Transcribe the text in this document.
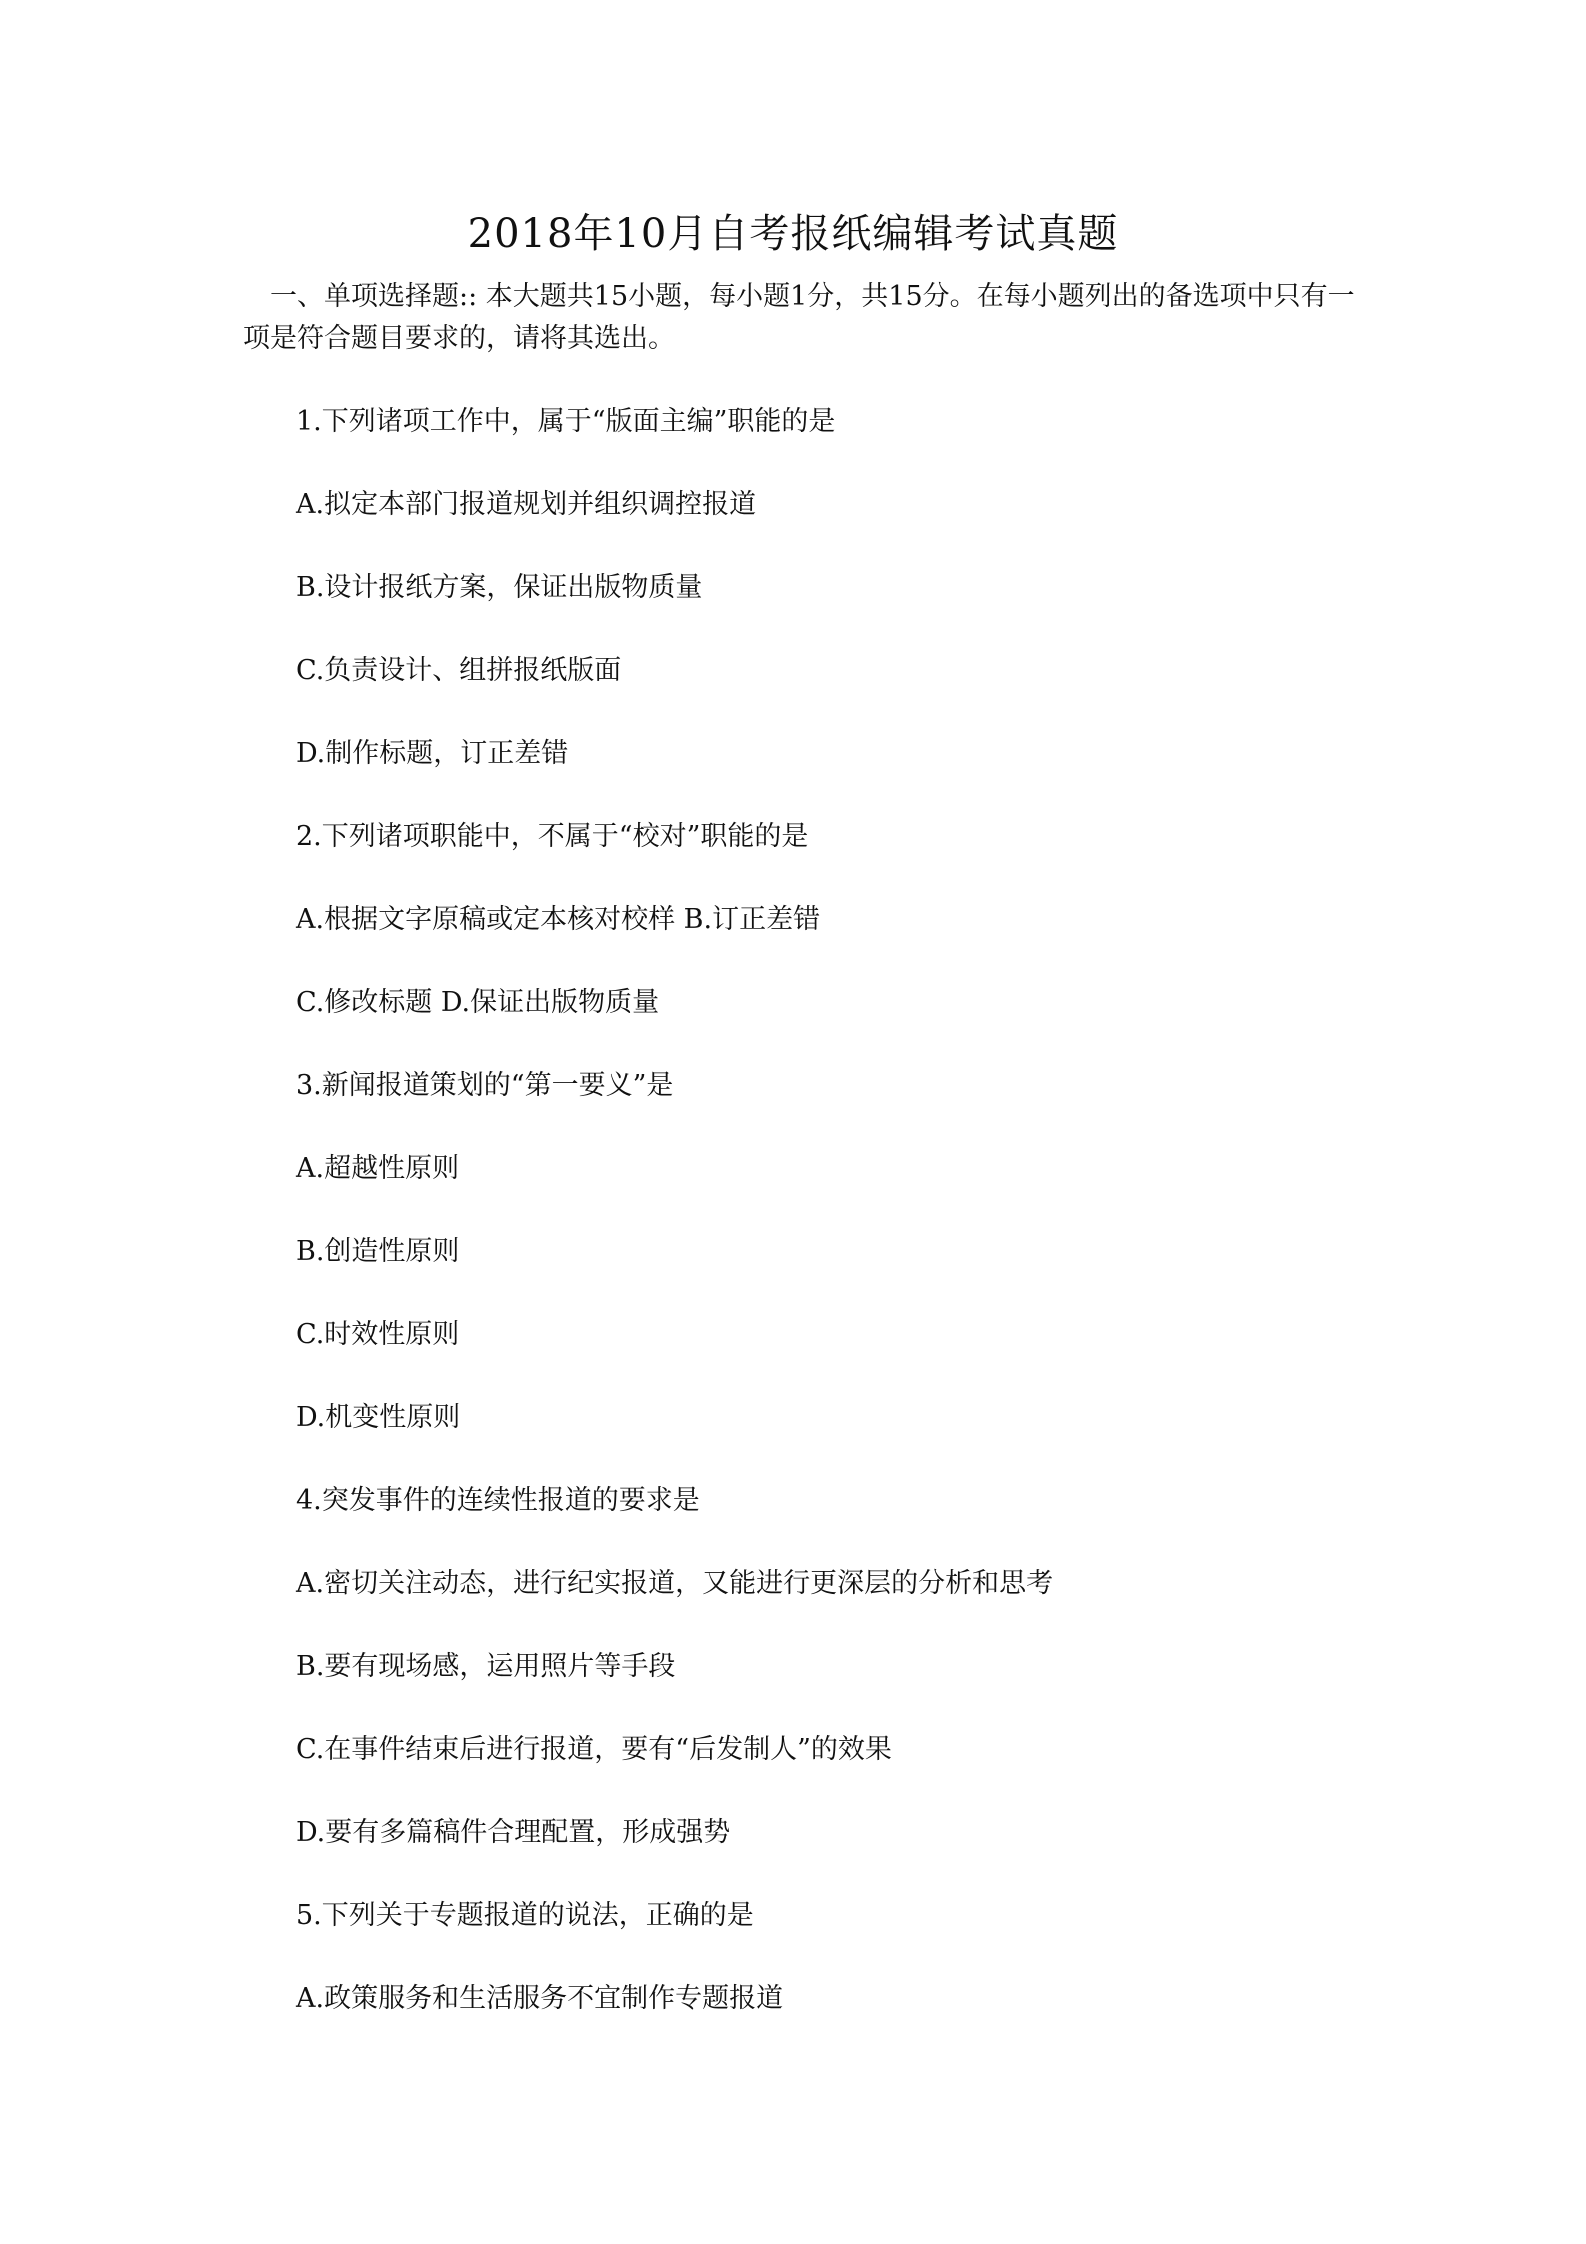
2018年10月自考报纸编辑考试真题
一、单项选择题:: 本大题共15小题，每小题1分，共15分。在每小题列出的备选项中只有一项是符合题目要求的，请将其选出。
1.下列诸项工作中，属于“版面主编”职能的是
A.拟定本部门报道规划并组织调控报道
B.设计报纸方案，保证出版物质量
C.负责设计、组拼报纸版面
D.制作标题，订正差错
2.下列诸项职能中，不属于“校对”职能的是
A.根据文字原稿或定本核对校样 B.订正差错
C.修改标题 D.保证出版物质量
3.新闻报道策划的“第一要义”是
A.超越性原则
B.创造性原则
C.时效性原则
D.机变性原则
4.突发事件的连续性报道的要求是
A.密切关注动态，进行纪实报道，又能进行更深层的分析和思考
B.要有现场感，运用照片等手段
C.在事件结束后进行报道，要有“后发制人”的效果
D.要有多篇稿件合理配置，形成强势
5.下列关于专题报道的说法，正确的是
A.政策服务和生活服务不宜制作专题报道
